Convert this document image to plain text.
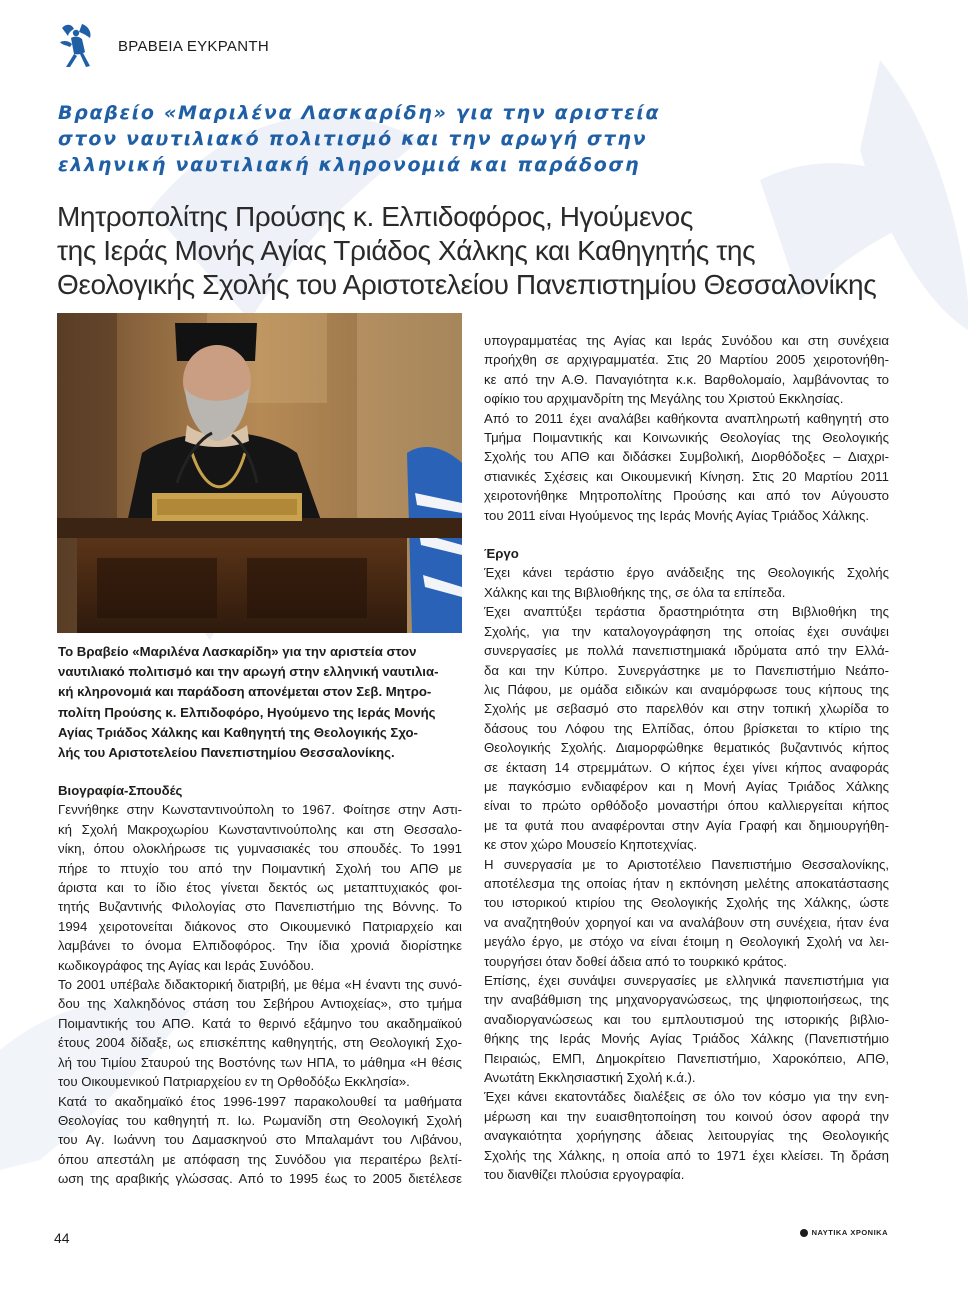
ΒΡΑΒΕΙΑ ΕΥΚΡΑΝΤΗ
Βραβείο «Μαριλένα Λασκαρίδη» για την αριστεία
στον ναυτιλιακό πολιτισμό και την αρωγή στην
ελληνική ναυτιλιακή κληρονομιά και παράδοση
Μητροπολίτης Προύσης κ. Ελπιδοφόρος, Ηγούμενος
της Ιεράς Μονής Αγίας Τριάδος Χάλκης και Καθηγητής της
Θεολογικής Σχολής του Αριστοτελείου Πανεπιστημίου Θεσσαλονίκης

Το Βραβείο «Μαριλένα Λασκαρίδη» για την αριστεία στον
ναυτιλιακό πολιτισμό και την αρωγή στην ελληνική ναυτιλια-
κή κληρονομιά και παράδοση απονέμεται στον Σεβ. Μητρο-
πολίτη Προύσης κ. Ελπιδοφόρο, Ηγούμενο της Ιεράς Μονής
Αγίας Τριάδος Χάλκης και Καθηγητή της Θεολογικής Σχο-
λής του Αριστοτελείου Πανεπιστημίου Θεσσαλονίκης.

Βιογραφία-Σπουδές
Γεννήθηκε στην Κωνσταντινούπολη το 1967. Φοίτησε στην Αστι-
κή Σχολή Μακροχωρίου Κωνσταντινούπολης και στη Θεσσαλο-
νίκη, όπου ολοκλήρωσε τις γυμνασιακές του σπουδές. Το 1991
πήρε το πτυχίο του από την Ποιμαντική Σχολή του ΑΠΘ με
άριστα και το ίδιο έτος γίνεται δεκτός ως μεταπτυχιακός φοι-
τητής Βυζαντινής Φιλολογίας στο Πανεπιστήμιο της Βόννης. Το
1994 χειροτονείται διάκονος στο Οικουμενικό Πατριαρχείο και
λαμβάνει το όνομα Ελπιδοφόρος. Την ίδια χρονιά διορίστηκε
κωδικογράφος της Αγίας και Ιεράς Συνόδου.
Το 2001 υπέβαλε διδακτορική διατριβή, με θέμα «Η έναντι της συνό-
δου της Χαλκηδόνος στάση του Σεβήρου Αντιοχείας», στο τμήμα
Ποιμαντικής του ΑΠΘ. Κατά το θερινό εξάμηνο του ακαδημαϊκού
έτους 2004 δίδαξε, ως επισκέπτης καθηγητής, στη Θεολογική Σχο-
λή του Τιμίου Σταυρού της Βοστόνης των ΗΠΑ, το μάθημα «Η θέσις
του Οικουμενικού Πατριαρχείου εν τη Ορθοδόξω Εκκλησία».
Κατά το ακαδημαϊκό έτος 1996-1997 παρακολουθεί τα μαθήματα
Θεολογίας του καθηγητή π. Ιω. Ρωμανίδη στη Θεολογική Σχολή
του Αγ. Ιωάννη του Δαμασκηνού στο Μπαλαμάντ του Λιβάνου,
όπου απεστάλη με απόφαση της Συνόδου για περαιτέρω βελτί-
ωση της αραβικής γλώσσας. Από το 1995 έως το 2005 διετέλεσε
υπογραμματέας της Αγίας και Ιεράς Συνόδου και στη συνέχεια
προήχθη σε αρχιγραμματέα. Στις 20 Μαρτίου 2005 χειροτονήθη-
κε από την Α.Θ. Παναγιότητα κ.κ. Βαρθολομαίο, λαμβάνοντας το
οφίκιο του αρχιμανδρίτη της Μεγάλης του Χριστού Εκκλησίας.
Από το 2011 έχει αναλάβει καθήκοντα αναπληρωτή καθηγητή στο
Τμήμα Ποιμαντικής και Κοινωνικής Θεολογίας της Θεολογικής
Σχολής του ΑΠΘ και διδάσκει Συμβολική, Διορθόδοξες – Διαχρι-
στιανικές Σχέσεις και Οικουμενική Κίνηση. Στις 20 Μαρτίου 2011
χειροτονήθηκε Μητροπολίτης Προύσης και από τον Αύγουστο
του 2011 είναι Ηγούμενος της Ιεράς Μονής Αγίας Τριάδος Χάλκης.
Έργο
Έχει κάνει τεράστιο έργο ανάδειξης της Θεολογικής Σχολής
Χάλκης και της Βιβλιοθήκης της, σε όλα τα επίπεδα.
Έχει αναπτύξει τεράστια δραστηριότητα στη Βιβλιοθήκη της
Σχολής, για την καταλογογράφηση της οποίας έχει συνάψει
συνεργασίες με πολλά πανεπιστημιακά ιδρύματα από την Ελλά-
δα και την Κύπρο. Συνεργάστηκε με το Πανεπιστήμιο Νεάπο-
λις Πάφου, με ομάδα ειδικών και αναμόρφωσε τους κήπους της
Σχολής με σεβασμό στο παρελθόν και στην τοπική χλωρίδα το
δάσους του Λόφου της Ελπίδας, όπου βρίσκεται το κτίριο της
Θεολογικής Σχολής. Διαμορφώθηκε θεματικός βυζαντινός κήπος
σε έκταση 14 στρεμμάτων. Ο κήπος έχει γίνει κήπος αναφοράς
με παγκόσμιο ενδιαφέρον και η Μονή Αγίας Τριάδος Χάλκης
είναι το πρώτο ορθόδοξο μοναστήρι όπου καλλιεργείται κήπος
με τα φυτά που αναφέρονται στην Αγία Γραφή και δημιουργήθη-
κε στον χώρο Μουσείο Κηποτεχνίας.
Η συνεργασία με το Αριστοτέλειο Πανεπιστήμιο Θεσσαλονίκης,
αποτέλεσμα της οποίας ήταν η εκπόνηση μελέτης αποκατάστασης
του ιστορικού κτιρίου της Θεολογικής Σχολής της Χάλκης, ώστε
να αναζητηθούν χορηγοί και να αναλάβουν στη συνέχεια, ήταν ένα
μεγάλο έργο, με στόχο να είναι έτοιμη η Θεολογική Σχολή να λει-
τουργήσει όταν δοθεί άδεια από το τουρκικό κράτος.
Επίσης, έχει συνάψει συνεργασίες με ελληνικά πανεπιστήμια για
την αναβάθμιση της μηχανοργανώσεως, της ψηφιοποιήσεως, της
αναδιοργανώσεως και του εμπλουτισμού της ιστορικής βιβλιο-
θήκης της Ιεράς Μονής Αγίας Τριάδος Χάλκης (Πανεπιστήμιο
Πειραιώς, ΕΜΠ, Δημοκρίτειο Πανεπιστήμιο, Χαροκόπειο, ΑΠΘ,
Ανωτάτη Εκκλησιαστική Σχολή κ.ά.).
Έχει κάνει εκατοντάδες διαλέξεις σε όλο τον κόσμο για την ενη-
μέρωση και την ευαισθητοποίηση του κοινού όσον αφορά την
αναγκαιότητα χορήγησης άδειας λειτουργίας της Θεολογικής
Σχολής της Χάλκης, η οποία από το 1971 έχει κλείσει. Τη δράση
του διανθίζει πλούσια εργογραφία.
44	ΝΑΥΤΙΚΑ ΧΡΟΝΙΚΑ
